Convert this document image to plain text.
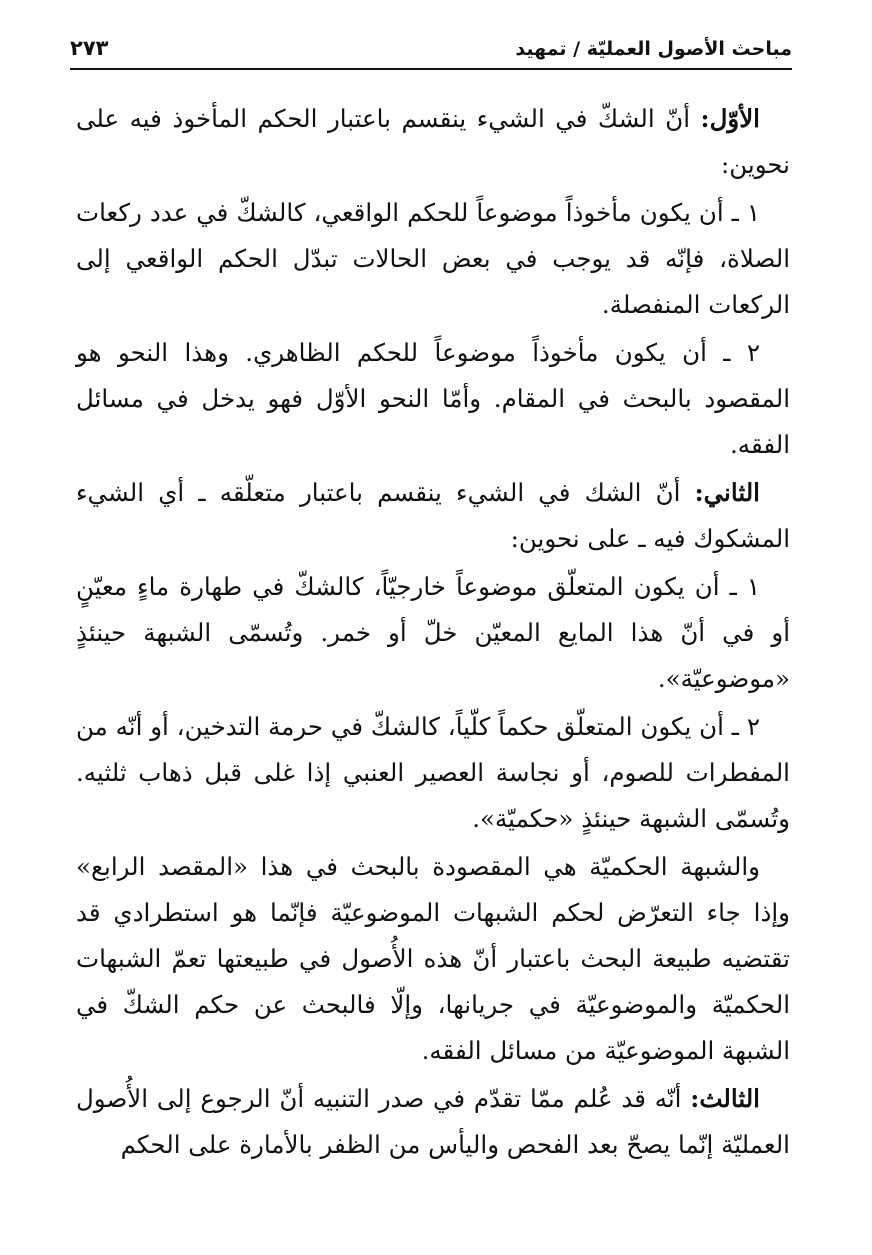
مباحث الأصول العمليّة / تمهيد
٢٧٣

الأوّل: أنّ الشكّ في الشيء ينقسم باعتبار الحكم المأخوذ فيه على نحوين:

١ ـ أن يكون مأخوذاً موضوعاً للحكم الواقعي، كالشكّ في عدد ركعات الصلاة، فإنّه قد يوجب في بعض الحالات تبدّل الحكم الواقعي إلى الركعات المنفصلة.

٢ ـ أن يكون مأخوذاً موضوعاً للحكم الظاهري. وهذا النحو هو المقصود بالبحث في المقام. وأمّا النحو الأوّل فهو يدخل في مسائل الفقه.

الثاني: أنّ الشك في الشيء ينقسم باعتبار متعلّقه ـ أي الشيء المشكوك فيه ـ على نحوين:

١ ـ أن يكون المتعلّق موضوعاً خارجيّاً، كالشكّ في طهارة ماءٍ معيّنٍ أو في أنّ هذا المايع المعيّن خلّ أو خمر. وتُسمّى الشبهة حينئذٍ «موضوعيّة».

٢ ـ أن يكون المتعلّق حكماً كلّياً، كالشكّ في حرمة التدخين، أو أنّه من المفطرات للصوم، أو نجاسة العصير العنبي إذا غلى قبل ذهاب ثلثيه. وتُسمّى الشبهة حينئذٍ «حكميّة».

والشبهة الحكميّة هي المقصودة بالبحث في هذا «المقصد الرابع» وإذا جاء التعرّض لحكم الشبهات الموضوعيّة فإنّما هو استطرادي قد تقتضيه طبيعة البحث باعتبار أنّ هذه الأُصول في طبيعتها تعمّ الشبهات الحكميّة والموضوعيّة في جريانها، وإلّا فالبحث عن حكم الشكّ في الشبهة الموضوعيّة من مسائل الفقه.

الثالث: أنّه قد عُلم ممّا تقدّم في صدر التنبيه أنّ الرجوع إلى الأُصول العمليّة إنّما يصحّ بعد الفحص واليأس من الظفر بالأمارة على الحكم
